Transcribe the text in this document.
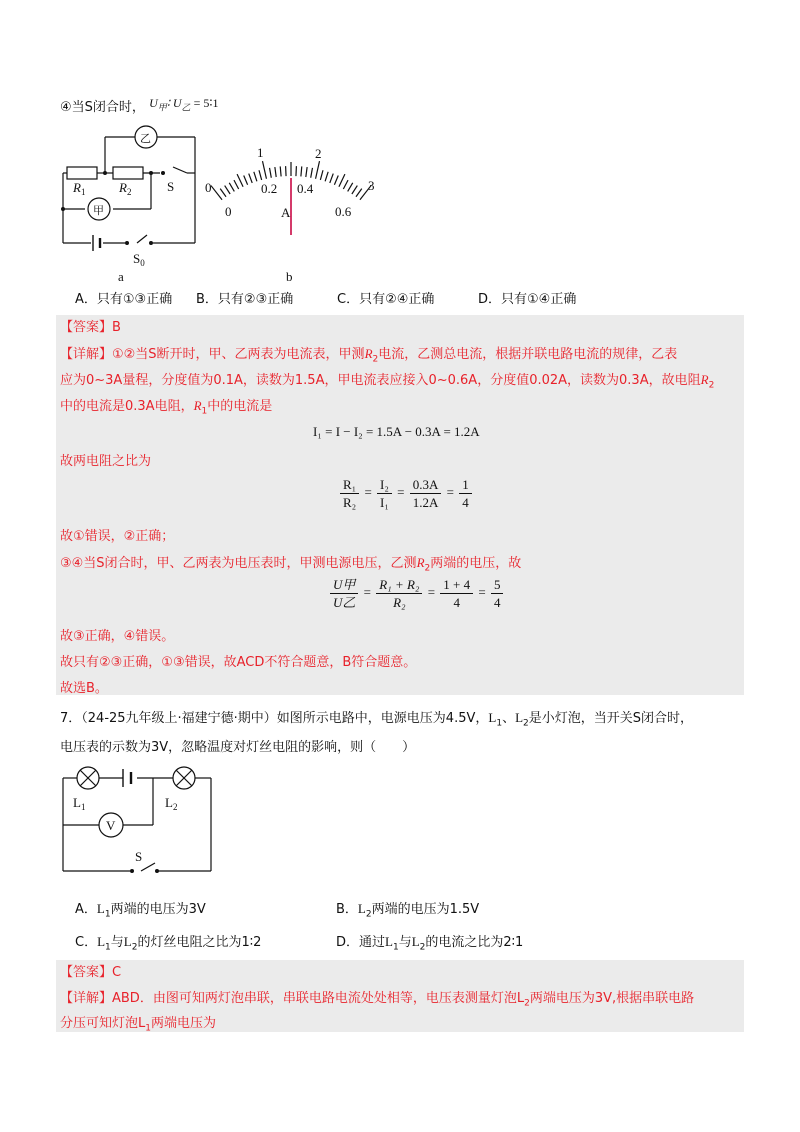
④当S闭合时， $U_甲∶$ $U_乙$ = 5∶1
乙
甲
$R_1$	$R_2$	S
$S_0$
a
0
1	2
3
0
0.2 0.4
0.6
A
b
A．只有①③正确 B．只有②③正确	C．只有②④正确	D．只有①④正确
【答案】B
【详解】①②当S断开时，甲、乙两表为电流表，甲测$R_2$电流，乙测总电流，根据并联电路电流的规律，乙表
应为0~3A量程，分度值为0.1A，读数为1.5A，甲电流表应接入0~0.6A，分度值0.02A，读数为0.3A，故电阻$R_2$
中的电流是0.3A电阻，$R_1$中的电流是
I₁ = I − I₂ = 1.5A − 0.3A = 1.2A
故两电阻之比为
$\frac{\text{R₁}}{\text{R₂}} = \frac{\text{I₂}}{\text{I₁}} = \frac{0.3A}{1.2A} = \frac{1}{4}$
故①错误，②正确；
③④当S闭合时，甲、乙两表为电压表时，甲测电源电压，乙测$R_2$两端的电压，故
$\frac{\text{U甲}}{\text{U乙}} = \frac{\text{R₁ + R₂}}{\text{R₂}} = \frac{1 + 4}{4} = \frac{5}{4}$
故③正确，④错误。
故只有②③正确，①③错误，故ACD不符合题意，B符合题意。
故选B。
7．（24-25九年级上·福建宁德·期中）如图所示电路中，电源电压为4.5V，$L_1$、$L_2$是小灯泡，当开关S闭合时，
电压表的示数为3V，忽略温度对灯丝电阻的影响，则（　　）
V
$L_1$	$L_2$
S
A．$L_1$两端的电压为3V	B．$L_2$两端的电压为1.5V
C．$L_1$与$L_2$的灯丝电阻之比为1∶2	D．通过$L_1$与$L_2$的电流之比为2∶1
【答案】C
【详解】ABD．由图可知两灯泡串联，串联电路电流处处相等，电压表测量灯泡$L_2$两端电压为3V,根据串联电路
分压可知灯泡$L_1$两端电压为
